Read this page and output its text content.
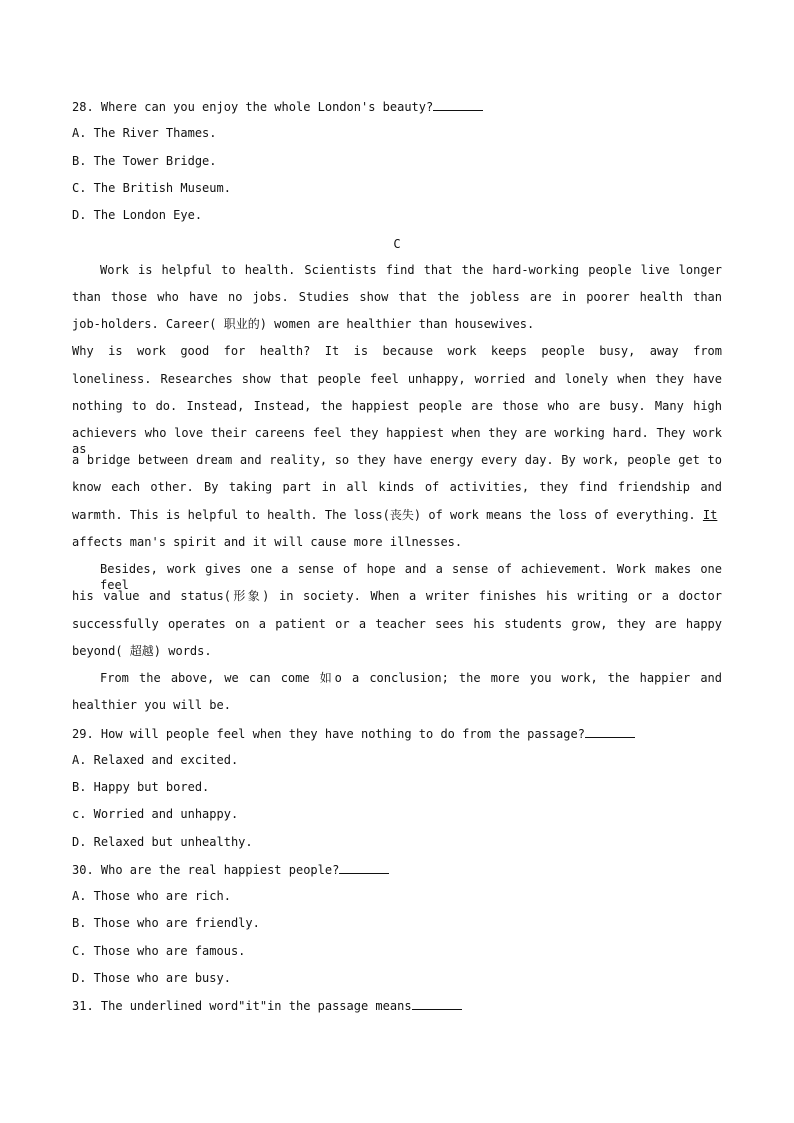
28. Where can you enjoy the whole London's beauty?
A. The River Thames.
B. The Tower Bridge.
C. The British Museum.
D. The London Eye.
C
Work is helpful to health. Scientists find that the hard-working people live longer
than those who have no jobs. Studies show that the jobless are in poorer health than
job-holders. Career( 职业的) women are healthier than housewives.
Why is work good for health? It is because work keeps people busy, away from
loneliness. Researches show that people feel unhappy, worried and lonely when they have
nothing to do. Instead, Instead, the happiest people are those who are busy. Many high
achievers who love their careens feel they happiest when they are working hard. They work as
a bridge between dream and reality, so they have energy every day. By work, people get to
know each other. By taking part in all kinds of activities, they find friendship and
warmth. This is helpful to health. The loss(丧失) of work means the loss of everything. It
affects man's spirit and it will cause more illnesses.
Besides, work gives one a sense of hope and a sense of achievement. Work makes one feel
his value and status(形象) in society. When a writer finishes his writing or a doctor
successfully operates on a patient or a teacher sees his students grow, they are happy
beyond( 超越) words.
From the above, we can come 如o a conclusion; the more you work, the happier and
healthier you will be.
29. How will people feel when they have nothing to do from the passage?
A. Relaxed and excited.
B. Happy but bored.
c. Worried and unhappy.
D. Relaxed but unhealthy.
30. Who are the real happiest people?
A. Those who are rich.
B. Those who are friendly.
C. Those who are famous.
D. Those who are busy.
31. The underlined word"it"in the passage means
